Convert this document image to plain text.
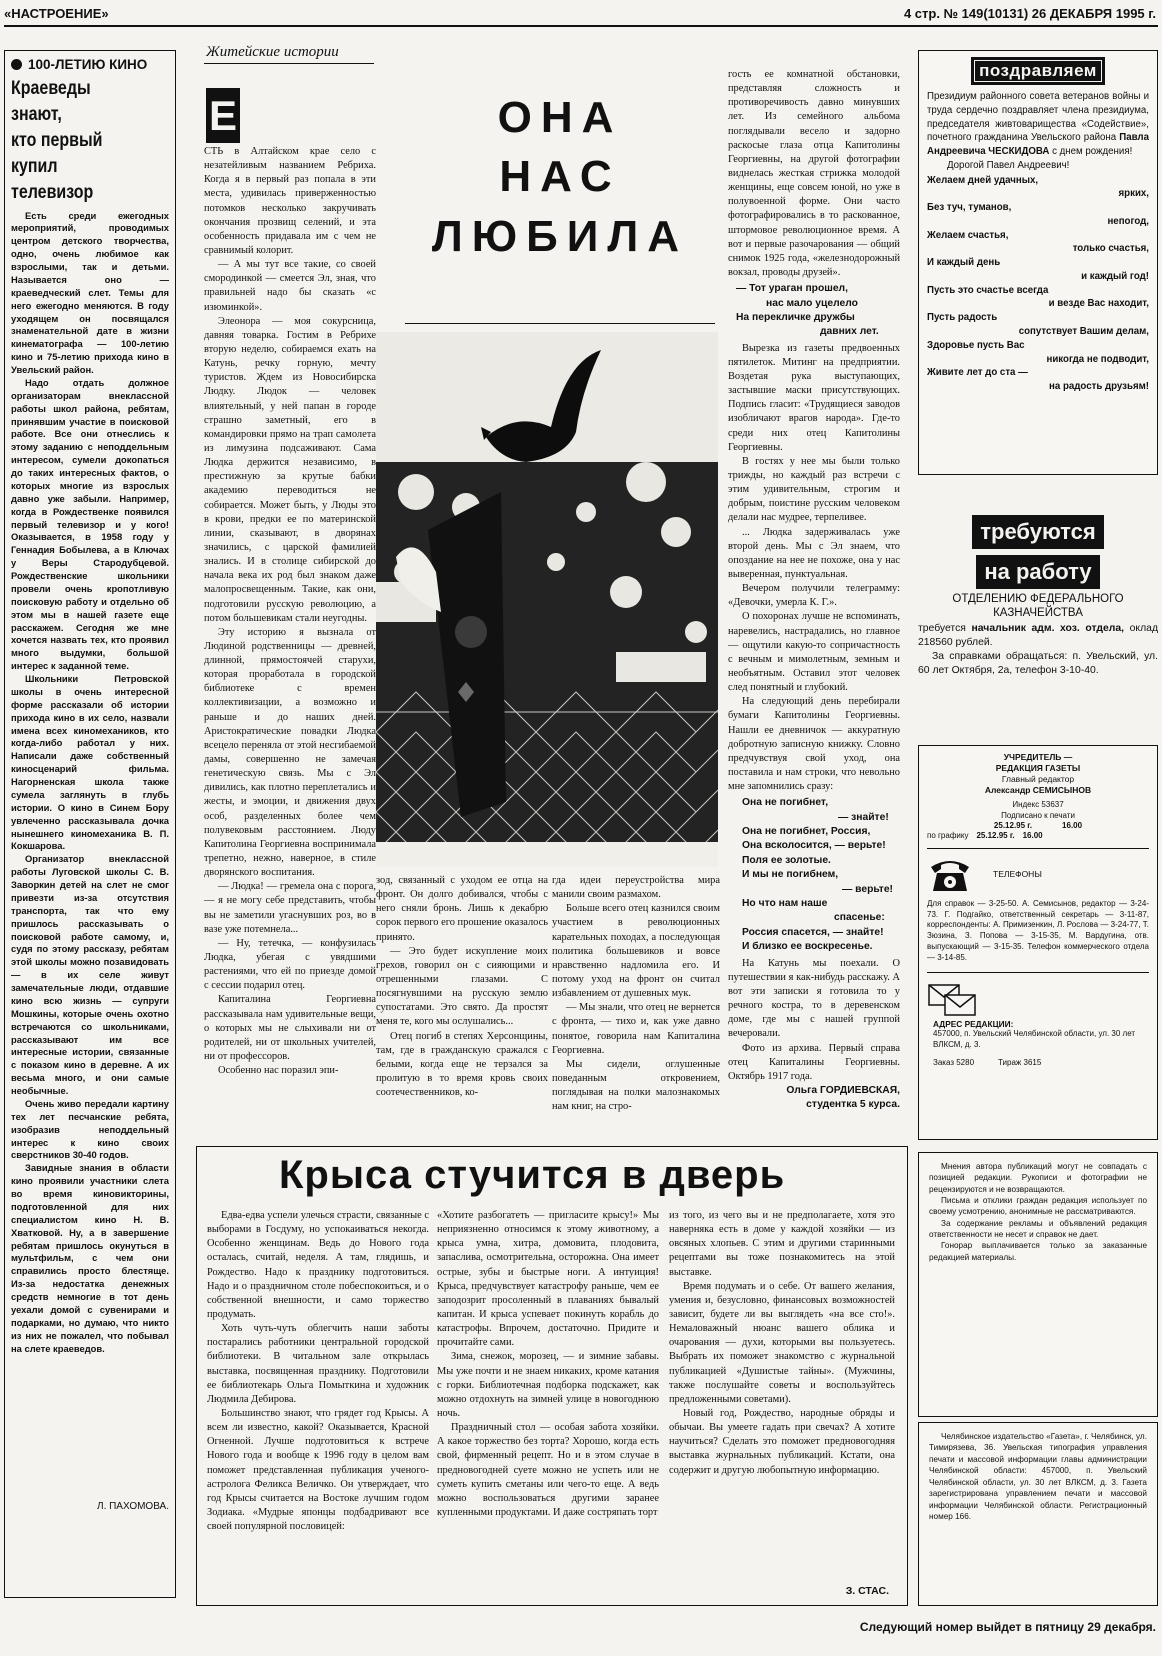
«НАСТРОЕНИЕ»	4 стр. № 149(10131) 26 ДЕКАБРЯ 1995 г.
100-ЛЕТИЮ КИНО
Краеведы
знают,
кто первый
купил
телевизор

Есть среди ежегодных мероприятий, проводимых центром детского творчества, одно, очень любимое как взрослыми, так и детьми. Называется оно — краеведческий слет. Темы для него ежегодно меняются. В году уходящем он посвящался знаменательной дате в жизни кинематографа — 100-летию кино и 75-летию прихода кино в Увельский район.

Надо отдать должное организаторам внеклассной работы школ района, ребятам, принявшим участие в поисковой работе. Все они отнеслись к этому заданию с неподдельным интересом, сумели докопаться до таких интересных фактов, о которых многие из взрослых давно уже забыли. Например, когда в Рождественке появился первый телевизор и у кого! Оказывается, в 1958 году у Геннадия Бобылева, а в Ключах у Веры Стародубцевой. Рождественские школьники провели очень кропотливую поисковую работу и отдельно об этом мы в нашей газете еще расскажем. Сегодня же мне хочется назвать тех, кто проявил много выдумки, большой интерес к заданной теме.

Школьники Петровской школы в очень интересной форме рассказали об истории прихода кино в их село, назвали имена всех киномехаников, кто когда-либо работал у них. Написали даже собственный киносценарий фильма. Нагорненская школа также сумела заглянуть в глубь истории. О кино в Синем Бору увлеченно рассказывала дочка нынешнего киномеханика В. П. Кокшарова.

Организатор внеклассной работы Луговской школы С. В. Заворкин детей на слет не смог привезти из-за отсутствия транспорта, так что ему пришлось рассказывать о поисковой работе самому, и, судя по этому рассказу, ребятам этой школы можно позавидовать — в их селе живут замечательные люди, отдавшие кино всю жизнь — супруги Мошкины, которые очень охотно встречаются со школьниками, рассказывают им все интересные истории, связанные с показом кино в деревне. А их весьма много, и они самые необычные.

Очень живо передали картину тех лет песчанские ребята, изобразив неподдельный интерес к кино своих сверстников 30-40 годов.

Завидные знания в области кино проявили участники слета во время киновикторины, подготовленной для них специалистом кино Н. В. Хватковой. Ну, а в завершение ребятам пришлось окунуться в мультфильм, с чем они справились просто блестяще. Из-за недостатка денежных средств немногие в тот день уехали домой с сувенирами и подарками, но думаю, что никто из них не пожалел, что побывал на слете краеведов.

Л. ПАХОМОВА.
Житейские истории
ОНА
НАС
ЛЮБИЛА
Е

СТЬ в Алтайском крае село с незатейливым названием Ребриха. Когда я в первый раз попала в эти места, удивилась приверженностью потомков несколько закручивать окончания прозвищ селений, и эта особенность придавала им с чем не сравнимый колорит.

— А мы тут все такие, со своей смородинкой — смеется Эл, зная, что правильней надо бы сказать «с изюминкой».

Элеонора — моя сокурсница, давняя товарка. Гостим в Ребрихе вторую неделю, собираемся ехать на Катунь, речку горную, мечту туристов. Ждем из Новосибирска Людку. Людок — человек влиятельный, у ней папан в городе страшно заметный, его в командировки прямо на трап самолета из лимузина подсаживают. Сама Людка держится независимо, в престижную за крутые бабки академию переводиться не собирается. Может быть, у Люды это в крови, предки ее по материнской линии, сказывают, в дворянах значились, с царской фамилией знались. И в столице сибирской до начала века их род был знаком даже малопросвещенным. Такие, как они, подготовили русскую революцию, а потом большевикам стали неугодны.

Эту историю я вызнала от Людиной родственницы — древней, длинной, прямостоячей старухи, которая проработала в городской библиотеке с времен коллективизации, а возможно и раньше и до наших дней. Аристократические повадки Людка всецело переняла от этой несгибаемой дамы, совершенно не замечая генетическую связь. Мы с Эл дивились, как плотно переплетались и жесты, и эмоции, и движения двух особ, разделенных более чем полувековым расстоянием. Люду Капитолина Георгиевна воспринимала трепетно, нежно, наверное, в стиле дворянского воспитания.

— Людка! — гремела она с порога, — я не могу себе представить, чтобы вы не заметили угаснувших роз, во в вазе уже потемнела...

— Ну, тетечка, — конфузилась Людка, убегая с увядшими растениями, что ей по приезде домой с сессии подарил отец.

Капиталина Георгиевна рассказывала нам удивительные вещи, о которых мы не слыхивали ни от родителей, ни от школьных учителей, ни от профессоров.

Особенно нас поразил эпи-

зод, связанный с уходом ее отца на фронт. Он долго добивался, чтобы с него сняли бронь. Лишь к декабрю сорок первого его прошение оказалось принято.

— Это будет искупление моих грехов, говорил он с сияющими и отрешенными глазами. С посягнувшими на русскую землю супостатами. Это свято. Да простят меня те, кого мы ослушались...

Отец погиб в степях Херсонщины, там, где в гражданскую сражался с белыми, когда еще не терзался за пролитую в то время кровь своих соотечественников, ко-

гда идеи переустройства мира манили своим размахом.

Больше всего отец казнился своим участием в революционных карательных походах, а последующая политика большевиков и вовсе нравственно надломила его. И потому уход на фронт он считал избавлением от душевных мук.

— Мы знали, что отец не вернется с фронта, — тихо и, как уже давно понятое, говорила нам Капиталина Георгиевна.

Мы сидели, оглушенные поведанным откровением, поглядывая на полки малознакомых нам книг, на стро-

гость ее комнатной обстановки, представляя сложность и противоречивость давно минувших лет. Из семейного альбома поглядывали весело и задорно раскосые глаза отца Капитолины Георгиевны, на другой фотографии виднелась жесткая стрижка молодой женщины, еще совсем юной, но уже в полувоенной форме. Они часто фотографировались в то раскованное, штормовое революционное время. А вот и первые разочарования — общий снимок 1925 года, «железнодорожный вокзал, проводы друзей».

— Тот ураган прошел,
нас мало уцелело
На перекличке дружбы
давних лет.

Вырезка из газеты предвоенных пятилеток. Митинг на предприятии. Воздетая рука выступающих, застывшие маски присутствующих. Подпись гласит: «Трудящиеся заводов изобличают врагов народа». Где-то среди них отец Капитолины Георгиевны.

В гостях у нее мы были только трижды, но каждый раз встречи с этим удивительным, строгим и добрым, поистине русским человеком делали нас мудрее, терпеливее.

... Людка задерживалась уже второй день. Мы с Эл знаем, что опоздание на нее не похоже, она у нас выверенная, пунктуальная.

Вечером получили телеграмму: «Девочки, умерла К. Г.».

О похоронах лучше не вспоминать, наревелись, настрадались, но главное — ощутили какую-то сопричастность с вечным и мимолетным, земным и необъятным. Оставил этот человек след понятный и глубокий.

На следующий день перебирали бумаги Капитолины Георгиевны. Нашли ее дневничок — аккуратную добротную записную книжку. Словно предчувствуя свой уход, она поставила и нам строки, что невольно мне запомнились сразу:

Она не погибнет,
— знайте!
Она не погибнет, Россия,
Она всколосится, — верьте!
Поля ее золотые.
И мы не погибнем,
— верьте!
Но что нам наше
спасенье:
Россия спасется, — знайте!
И близко ее воскресенье.

На Катунь мы поехали. О путешествии я как-нибудь расскажу. А вот эти записки я готовила то у речного костра, то в деревенском доме, где мы с нашей группой вечеровали.

Фото из архива. Первый справа отец Капиталины Георгиевны. Октябрь 1917 года.

Ольга ГОРДИЕВСКАЯ,
студентка 5 курса.
Крыса стучится в дверь

Едва-едва успели улечься страсти, связанные с выборами в Госдуму, но успокаиваться некогда. Особенно женщинам. Ведь до Нового года осталась, считай, неделя. А там, глядишь, и Рождество. Надо к празднику подготовиться. Надо и о праздничном столе побеспокоиться, и о собственной внешности, и само торжество продумать.

Хоть чуть-чуть облегчить наши заботы постарались работники центральной городской библиотеки. В читальном зале открылась выставка, посвященная празднику. Подготовили ее библиотекарь Ольга Помыткина и художник Людмила Дебирова.

Большинство знают, что грядет год Крысы. А всем ли известно, какой? Оказывается, Красной Огненной. Лучше подготовиться к встрече Нового года и вообще к 1996 году в целом вам поможет представленная публикация ученого-астролога Феликса Величко. Он утверждает, что год Крысы считается на Востоке лучшим годом Зодиака. «Мудрые японцы подбадривают все своей популярной пословицей:

«Хотите разбогатеть — пригласите крысу!» Мы неприязненно относимся к этому животному, а крыса умна, хитра, домовита, плодовита, запаслива, осмотрительна, осторожна. Она имеет острые, зубы и быстрые ноги. А интуиция! Крыса, предчувствует катастрофу раньше, чем ее заподозрит просоленный в плаваниях бывалый капитан. И крыса успевает покинуть корабль до катастрофы. Впрочем, достаточно. Придите и прочитайте сами.

Зима, снежок, морозец, — и зимние забавы. Мы уже почти и не знаем никаких, кроме катания с горки. Библиотечная подборка подскажет, как можно отдохнуть на зимней улице в новогоднюю ночь.

Праздничный стол — особая забота хозяйки. А какое торжество без торта? Хорошо, когда есть свой, фирменный рецепт. Но и в этом случае в предновогодней суете можно не успеть или не суметь купить сметаны или чего-то еще. А ведь можно воспользоваться другими заранее купленными продуктами. И даже состряпать торт

из того, из чего вы и не предполагаете, хотя это наверняка есть в доме у каждой хозяйки — из овсяных хлопьев. С этим и другими старинными рецептами вы тоже познакомитесь на этой выставке.

Время подумать и о себе. От вашего желания, умения и, безусловно, финансовых возможностей зависит, будете ли вы выглядеть «на все сто!». Немаловажный нюанс вашего облика и очарования — духи, которыми вы пользуетесь. Выбрать их поможет знакомство с журнальной публикацией «Душистые тайны». (Мужчины, также послушайте советы и воспользуйтесь предложенными советами).

Новый год, Рождество, народные обряды и обычаи. Вы умеете гадать при свечах? А хотите научиться? Сделать это поможет предновогодняя выставка журнальных публикаций. Кстати, она содержит и другую любопытную информацию.

З. СТАС.
поздравляем

Президиум районного совета ветеранов войны и труда сердечно поздравляет члена президиума, председателя живтоварищества «Содействие», почетного гражданина Увельского района Павла Андреевича ЧЕСКИДОВА с днем рождения!

Дорогой Павел Андреевич!

Желаем дней удачных,
ярких,
Без туч, туманов,
непогод,
Желаем счастья,
только счастья,
И каждый день
и каждый год!
Пусть это счастье всегда
и везде Вас находит,
Пусть радость
сопутствует Вашим делам,
Здоровье пусть Вас
никогда не подводит,
Живите лет до ста —
на радость друзьям!
требуются
на работу
ОТДЕЛЕНИЮ ФЕДЕРАЛЬНОГО КАЗНАЧЕЙСТВА
требуется начальник адм. хоз. отдела, оклад 218560 рублей.
За справками обращаться: п. Увельский, ул. 60 лет Октября, 2а, телефон 3-10-40.
УЧРЕДИТЕЛЬ —
РЕДАКЦИЯ ГАЗЕТЫ
Главный редактор
Александр СЕМИСЫНОВ
Индекс 53637
Подписано к печати
25.12.95 г.	16.00
по графику 25.12.95 г. 16.00
ТЕЛЕФОНЫ
Для справок — 3-25-50. А. Семисынов, редактор — 3-24-73. Г. Подгайко, ответственный секретарь — 3-11-87, корреспонденты: А. Примизенкин, Л. Рослова — 3-24-77, Т. Зюзина, З. Попова — 3-15-35, М. Вардугина, отв. выпускающий — 3-15-35. Телефон коммерческого отдела — 3-14-85.
АДРЕС РЕДАКЦИИ:
457000, п. Увельский Челябинской области, ул. 30 лет ВЛКСМ, д. 3.
Заказ 5280	Тираж 3615

Мнения автора публикаций могут не совпадать с позицией редакции. Рукописи и фотографии не рецензируются и не возвращаются.

Письма и отклики граждан редакция использует по своему усмотрению, анонимные не рассматриваются.

За содержание рекламы и объявлений редакция ответственности не несет и справок не дает.

Гонорар выплачивается только за заказанные редакцией материалы.

Челябинское издательство «Газета», г. Челябинск, ул. Тимирязева, 36. Увельская типография управления печати и массовой информации главы администрации Челябинской области: 457000, п. Увельский Челябинской области, ул. 30 лет ВЛКСМ, д. 3. Газета зарегистрирована управлением печати и массовой информации Челябинской области. Регистрационный номер 166.
Следующий номер выйдет в пятницу 29 декабря.
